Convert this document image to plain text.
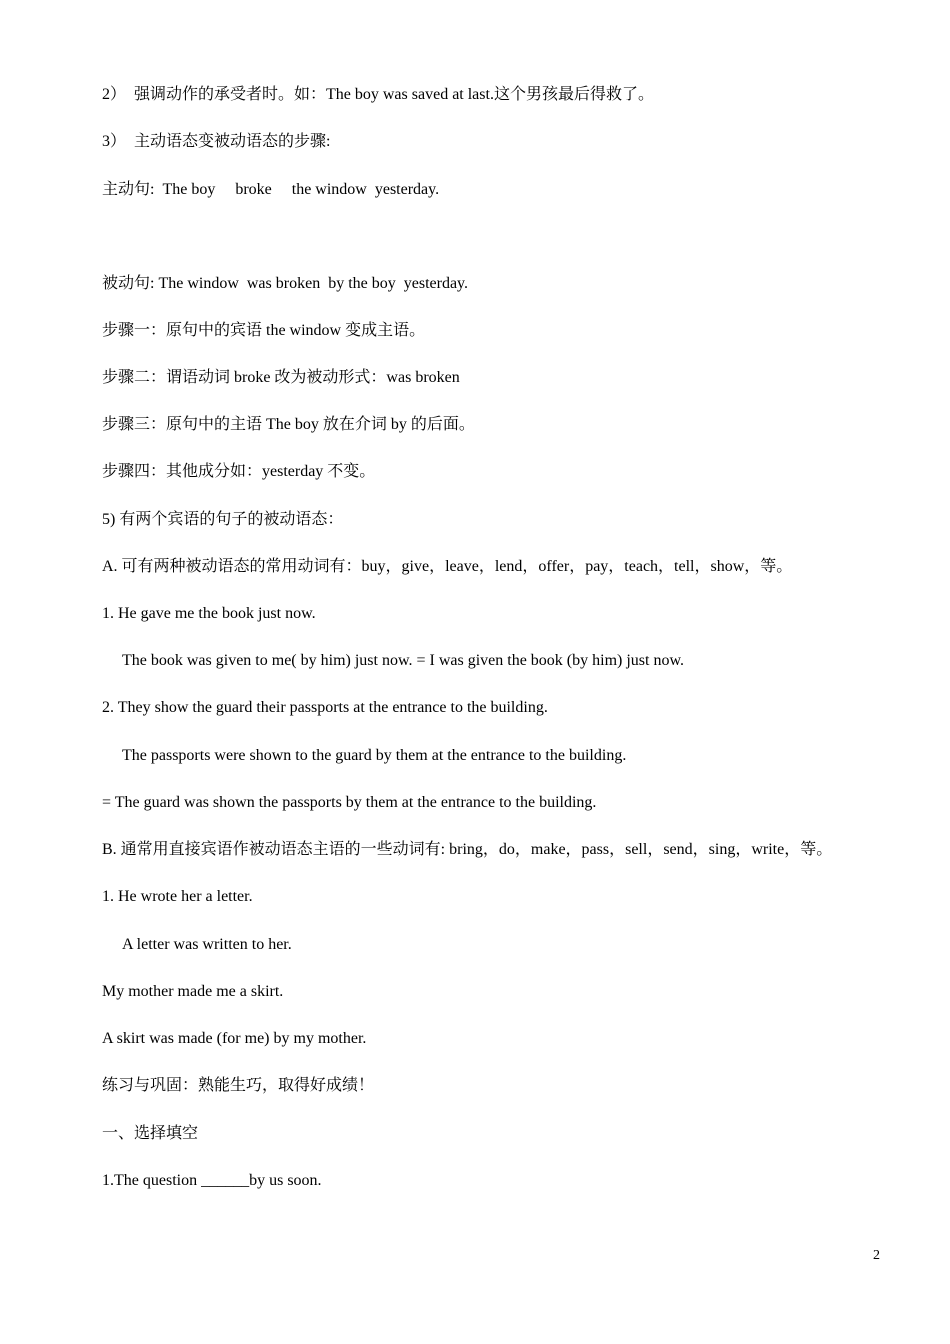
2）　强调动作的承受者时。如：The boy was saved at last.这个男孩最后得救了。
3）　主动语态变被动语态的步骤:
主动句:  The boy     broke     the window  yesterday.
被动句: The window  was broken  by the boy  yesterday.
步骤一：原句中的宾语 the window 变成主语。
步骤二：谓语动词 broke 改为被动形式：was broken
步骤三：原句中的主语 The boy 放在介词 by 的后面。
步骤四：其他成分如：yesterday 不变。
5) 有两个宾语的句子的被动语态：
A. 可有两种被动语态的常用动词有：buy，give，leave，lend，offer，pay，teach，tell，show，等。
1. He gave me the book just now.
The book was given to me( by him) just now. = I was given the book (by him) just now.
2. They show the guard their passports at the entrance to the building.
The passports were shown to the guard by them at the entrance to the building.
= The guard was shown the passports by them at the entrance to the building.
B. 通常用直接宾语作被动语态主语的一些动词有: bring，do，make，pass，sell，send，sing，write，等。
1. He wrote her a letter.
A letter was written to her.
My mother made me a skirt.
A skirt was made (for me) by my mother.
练习与巩固：熟能生巧，取得好成绩！
一、选择填空
1.The question ______by us soon.
2
